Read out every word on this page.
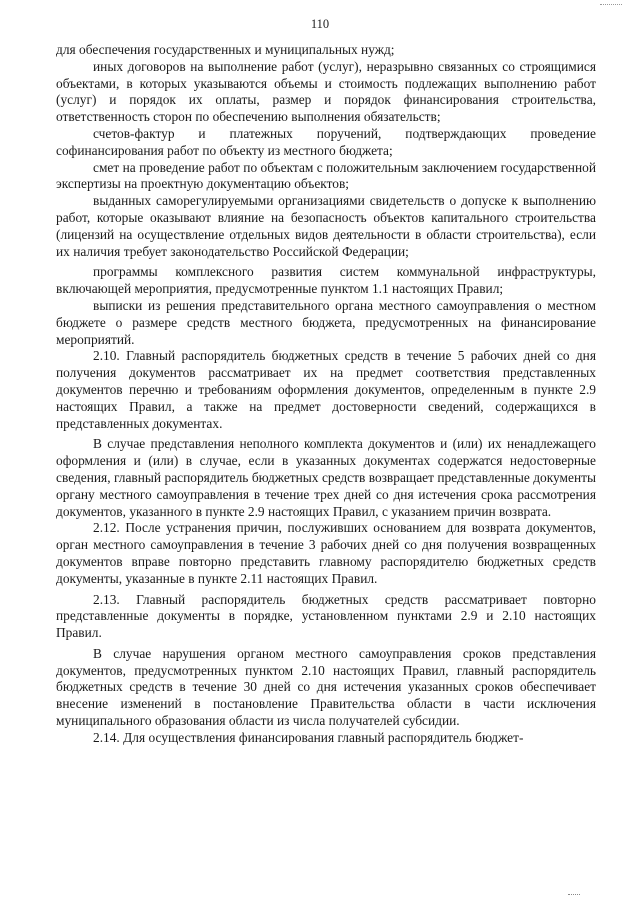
110

для обеспечения государственных и муниципальных нужд;

иных договоров на выполнение работ (услуг), неразрывно связанных со строящимися объектами, в которых указываются объемы и стоимость подлежащих выполнению работ (услуг) и порядок их оплаты, размер и порядок финансирования строительства, ответственность сторон по обеспечению выполнения обязательств;

счетов-фактур и платежных поручений, подтверждающих проведение софинансирования работ по объекту из местного бюджета;

смет на проведение работ по объектам с положительным заключением государственной экспертизы на проектную документацию объектов;

выданных саморегулируемыми организациями свидетельств о допуске к выполнению работ, которые оказывают влияние на безопасность объектов капитального строительства (лицензий на осуществление отдельных видов деятельности в области строительства), если их наличия требует законодательство Российской Федерации;

программы комплексного развития систем коммунальной инфраструктуры, включающей мероприятия, предусмотренные пунктом 1.1 настоящих Правил;

выписки из решения представительного органа местного самоуправления о местном бюджете о размере средств местного бюджета, предусмотренных на финансирование мероприятий.

2.10. Главный распорядитель бюджетных средств в течение 5 рабочих дней со дня получения документов рассматривает их на предмет соответствия представленных документов перечню и требованиям оформления документов, определенным в пункте 2.9 настоящих Правил, а также на предмет достоверности сведений, содержащихся в представленных документах.

В случае представления неполного комплекта документов и (или) их ненадлежащего оформления и (или) в случае, если в указанных документах содержатся недостоверные сведения, главный распорядитель бюджетных средств возвращает представленные документы органу местного самоуправления в течение трех дней со дня истечения срока рассмотрения документов, указанного в пункте 2.9 настоящих Правил, с указанием причин возврата.

2.12. После устранения причин, послуживших основанием для возврата документов, орган местного самоуправления в течение 3 рабочих дней со дня получения возвращенных документов вправе повторно представить главному распорядителю бюджетных средств документы, указанные в пункте 2.11 настоящих Правил.

2.13. Главный распорядитель бюджетных средств рассматривает повторно представленные документы в порядке, установленном пунктами 2.9 и 2.10 настоящих Правил.

В случае нарушения органом местного самоуправления сроков представления документов, предусмотренных пунктом 2.10 настоящих Правил, главный распорядитель бюджетных средств в течение 30 дней со дня истечения указанных сроков обеспечивает внесение изменений в постановление Правительства области в части исключения муниципального образования области из числа получателей субсидии.

2.14. Для осуществления финансирования главный распорядитель бюджет-
